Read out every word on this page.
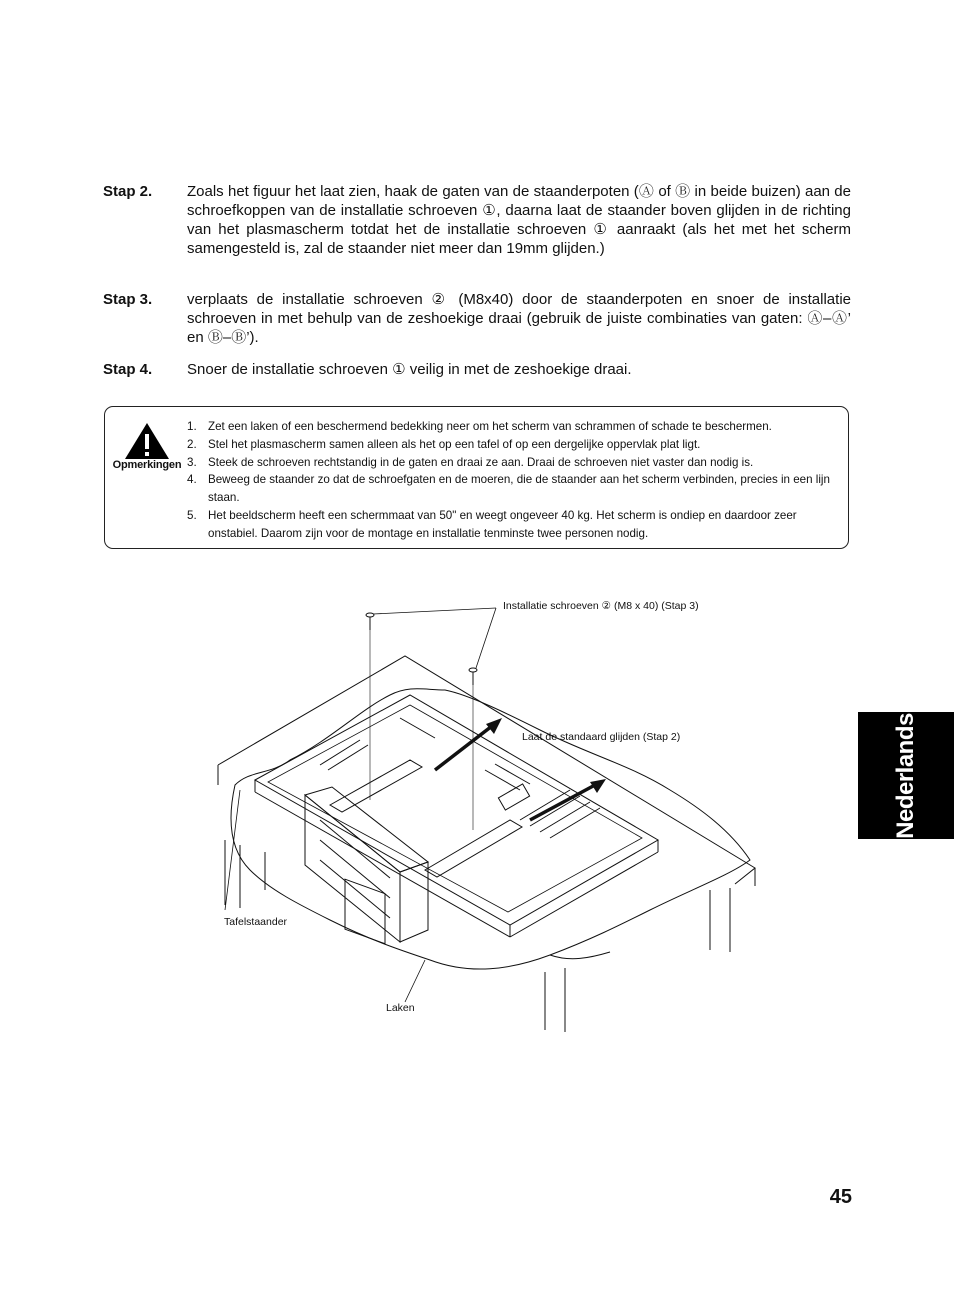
Stap 2. Zoals het figuur het laat zien, haak de gaten van de staanderpoten (Ⓐ of Ⓑ in beide buizen) aan de schroefkoppen van de installatie schroeven ①, daarna laat de staander boven glijden in de richting van het plasmascherm totdat het de installatie schroeven ① aanraakt (als het met het scherm samengesteld is, zal de staander niet meer dan 19mm glijden.)
Stap 3. verplaats de installatie schroeven ② (M8x40) door de staanderpoten en snoer de installatie schroeven in met behulp van de zeshoekige draai (gebruik de juiste combinaties van gaten: Ⓐ–Ⓐ’ en Ⓑ–Ⓑ’).
Stap 4. Snoer de installatie schroeven ① veilig in met de zeshoekige draai.
Opmerkingen
1. Zet een laken of een beschermend bedekking neer om het scherm van schrammen of schade te beschermen.
2. Stel het plasmascherm samen alleen als het op een tafel of op een dergelijke oppervlak plat ligt.
3. Steek de schroeven rechtstandig in de gaten en draai ze aan. Draai de schroeven niet vaster dan nodig is.
4. Beweeg de staander zo dat de schroefgaten en de moeren, die de staander aan het scherm verbinden, precies in een lijn staan.
5. Het beeldscherm heeft een schermmaat van 50" en weegt ongeveer 40 kg. Het scherm is ondiep en daardoor zeer onstabiel. Daarom zijn voor de montage en installatie tenminste twee personen nodig.
Installatie schroeven ② (M8 x 40) (Stap 3)
Laat de standaard glijden (Stap 2)
Tafelstaander
Laken
Nederlands
45
